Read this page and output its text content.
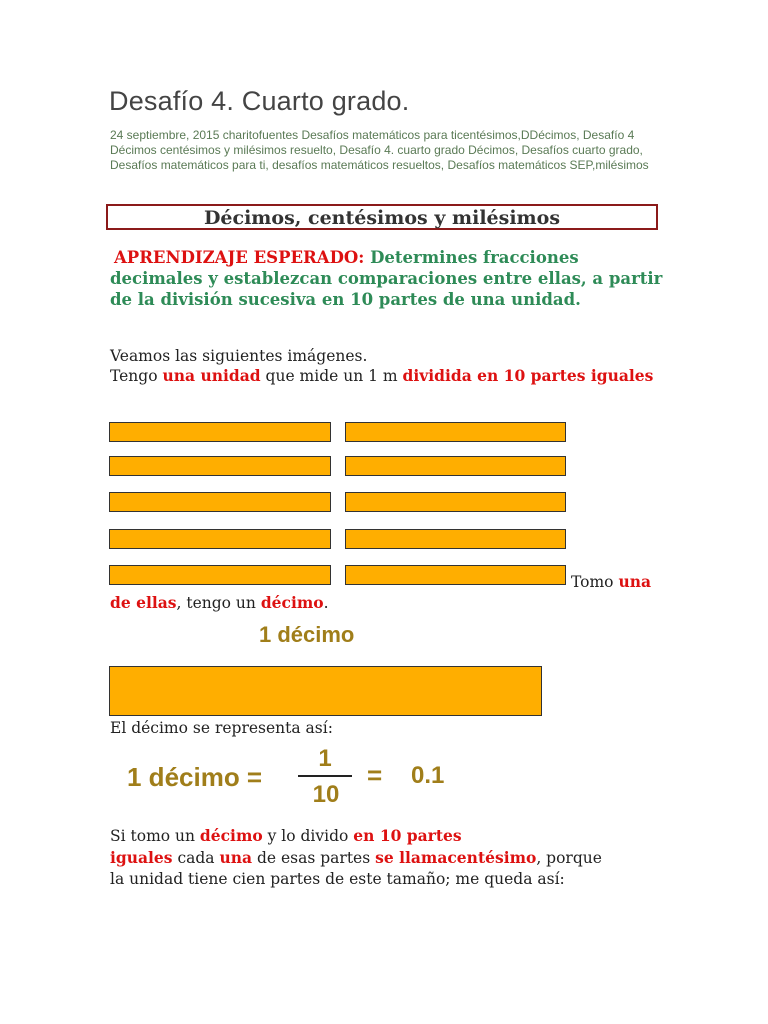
Desafío 4. Cuarto grado.
24 septiembre, 2015 charitofuentes Desafíos matemáticos para ticentésimos,DDécimos, Desafío 4 Décimos centésimos y milésimos resuelto, Desafío 4. cuarto grado Décimos, Desafíos cuarto grado, Desafíos matemáticos para ti, desafíos matemáticos resueltos, Desafíos matemáticos SEP,milésimos
Décimos, centésimos y milésimos
APRENDIZAJE ESPERADO: Determines fracciones decimales y establezcan comparaciones entre ellas, a partir de la división sucesiva en 10 partes de una unidad.
Veamos las siguientes imágenes.
Tengo una unidad que mide un 1 m dividida en 10 partes iguales
Tomo una
de ellas, tengo un décimo.
1 décimo
El décimo se representa así:
1 décimo =
1
10
= 0.1
Si tomo un décimo y lo divido en 10 partes
iguales cada una de esas partes se llamacentésimo, porque
la unidad tiene cien partes de este tamaño; me queda así:
